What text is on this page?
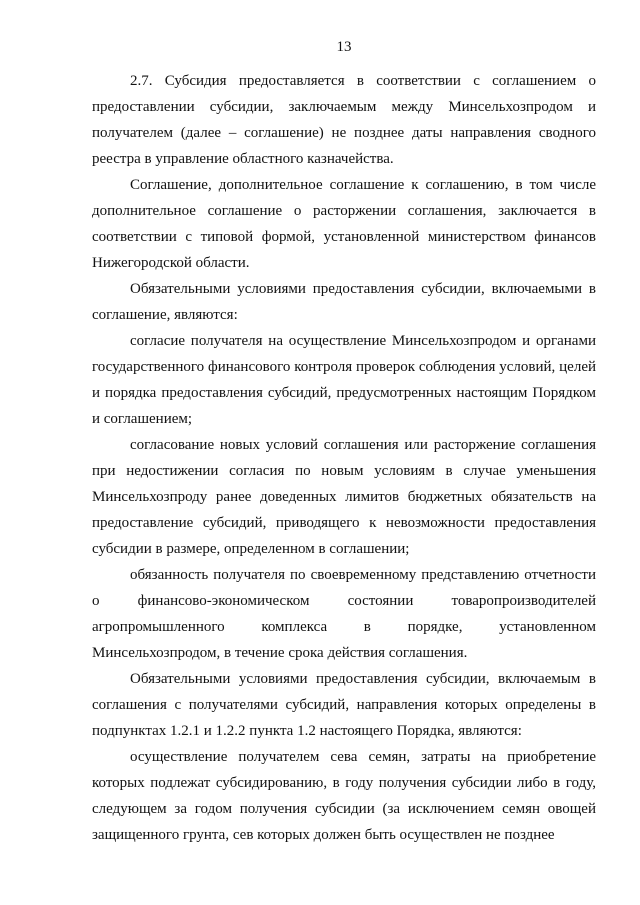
13

2.7. Субсидия предоставляется в соответствии с соглашением о предоставлении субсидии, заключаемым между Минсельхозпродом и получателем (далее – соглашение) не позднее даты направления сводного реестра в управление областного казначейства.

Соглашение, дополнительное соглашение к соглашению, в том числе дополнительное соглашение о расторжении соглашения, заключается в соответствии с типовой формой, установленной министерством финансов Нижегородской области.

Обязательными условиями предоставления субсидии, включаемыми в соглашение, являются:

согласие получателя на осуществление Минсельхозпродом и органами государственного финансового контроля проверок соблюдения условий, целей и порядка предоставления субсидий, предусмотренных настоящим Порядком и соглашением;

согласование новых условий соглашения или расторжение соглашения при недостижении согласия по новым условиям в случае уменьшения Минсельхозпроду ранее доведенных лимитов бюджетных обязательств на предоставление субсидий, приводящего к невозможности предоставления субсидии в размере, определенном в соглашении;

обязанность получателя по своевременному представлению отчетности о финансово-экономическом состоянии товаропроизводителей агропромышленного комплекса в порядке, установленном Минсельхозпродом, в течение срока действия соглашения.

Обязательными условиями предоставления субсидии, включаемым в соглашения с получателями субсидий, направления которых определены в подпунктах 1.2.1 и 1.2.2 пункта 1.2 настоящего Порядка, являются:

осуществление получателем сева семян, затраты на приобретение которых подлежат субсидированию, в году получения субсидии либо в году, следующем за годом получения субсидии (за исключением семян овощей защищенного грунта, сев которых должен быть осуществлен не позднее
